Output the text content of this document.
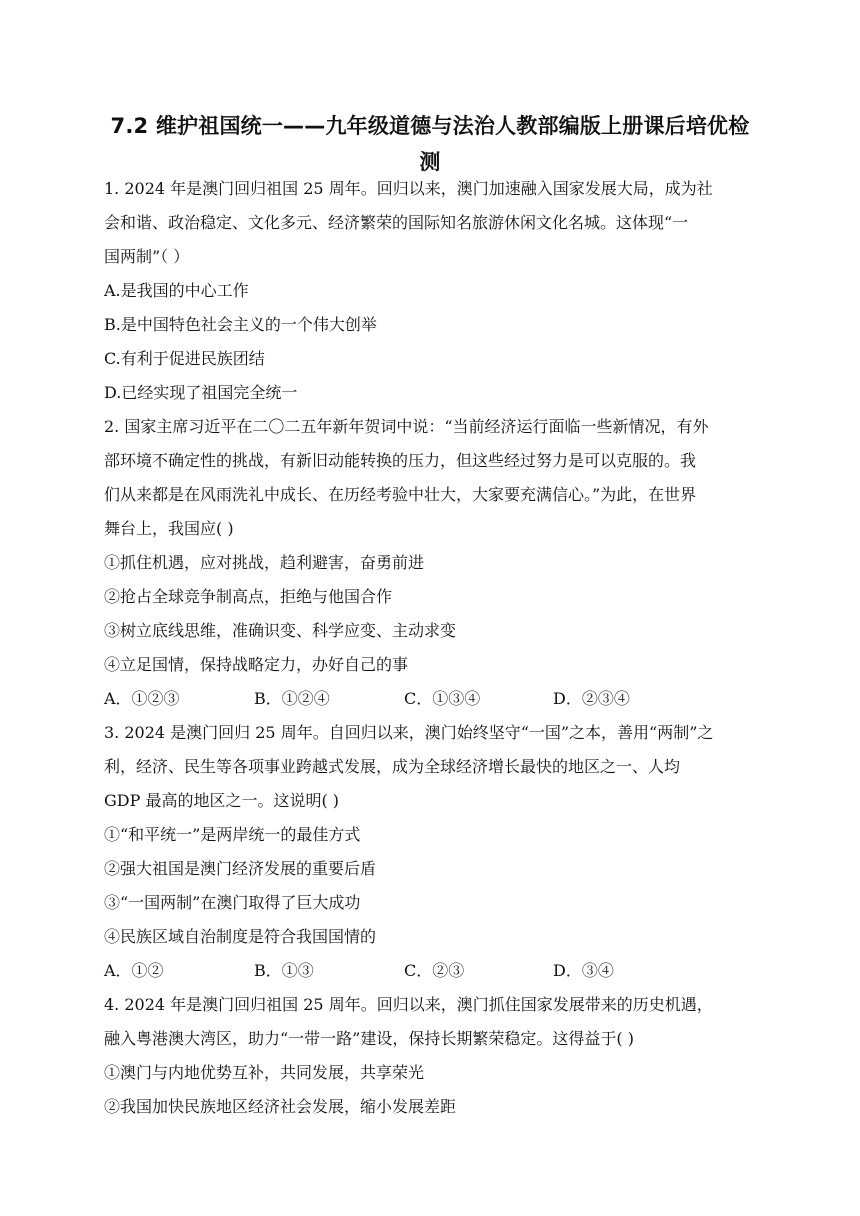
7.2 维护祖国统一——九年级道德与法治人教部编版上册课后培优检
测
1. 2024 年是澳门回归祖国 25 周年。回归以来，澳门加速融入国家发展大局，成为社
会和谐、政治稳定、文化多元、经济繁荣的国际知名旅游休闲文化名城。这体现“一
国两制”（ ）
A.是我国的中心工作
B.是中国特色社会主义的一个伟大创举
C.有利于促进民族团结
D.已经实现了祖国完全统一
2. 国家主席习近平在二〇二五年新年贺词中说：“当前经济运行面临一些新情况，有外
部环境不确定性的挑战，有新旧动能转换的压力，但这些经过努力是可以克服的。我
们从来都是在风雨洗礼中成长、在历经考验中壮大，大家要充满信心。”为此，在世界
舞台上，我国应( )
①抓住机遇，应对挑战，趋利避害，奋勇前进
②抢占全球竞争制高点，拒绝与他国合作
③树立底线思维，准确识变、科学应变、主动求变
④立足国情，保持战略定力，办好自己的事
A．①②③	B．①②④	C．①③④	D．②③④
3. 2024 是澳门回归 25 周年。自回归以来，澳门始终坚守“一国”之本，善用“两制”之
利，经济、民生等各项事业跨越式发展，成为全球经济增长最快的地区之一、人均
GDP 最高的地区之一。这说明( )
①“和平统一”是两岸统一的最佳方式
②强大祖国是澳门经济发展的重要后盾
③“一国两制”在澳门取得了巨大成功
④民族区域自治制度是符合我国国情的
A．①②	B．①③	C．②③	D．③④
4. 2024 年是澳门回归祖国 25 周年。回归以来，澳门抓住国家发展带来的历史机遇，
融入粤港澳大湾区，助力“一带一路”建设，保持长期繁荣稳定。这得益于( )
①澳门与内地优势互补，共同发展，共享荣光
②我国加快民族地区经济社会发展，缩小发展差距
